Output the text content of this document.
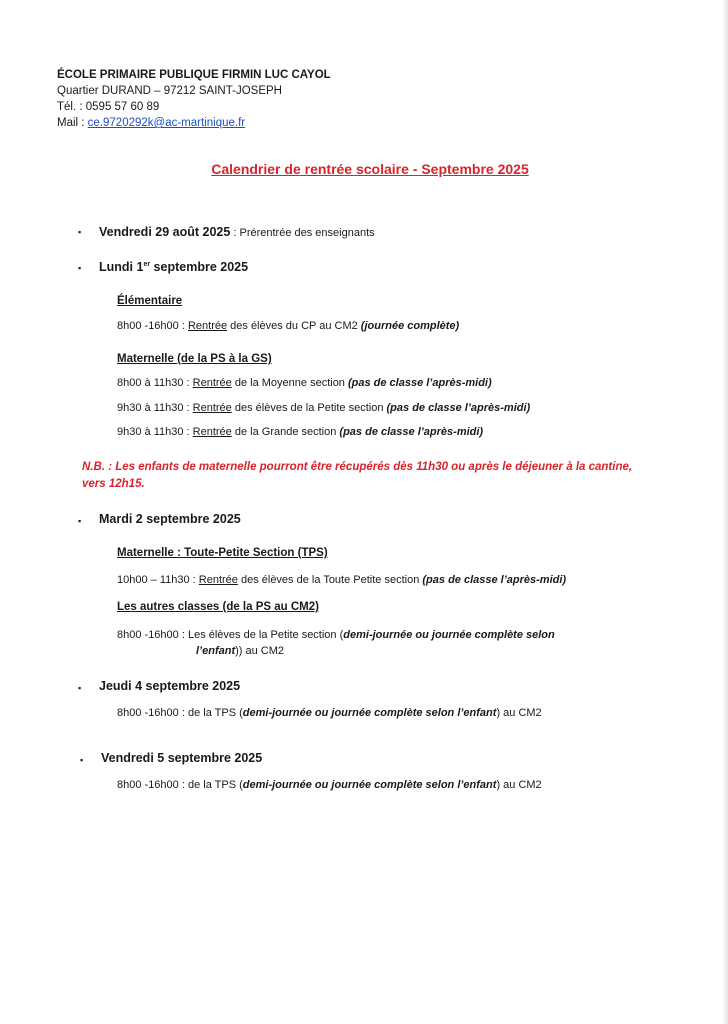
ÉCOLE PRIMAIRE PUBLIQUE FIRMIN LUC CAYOL
Quartier DURAND – 97212 SAINT-JOSEPH
Tél. : 0595 57 60 89
Mail : ce.9720292k@ac-martinique.fr
Calendrier de rentrée scolaire - Septembre 2025
▪ Vendredi 29 août 2025 : Prérentrée des enseignants
▪ Lundi 1er septembre 2025
Élémentaire
8h00 -16h00 : Rentrée des élèves du CP au CM2 (journée complète)
Maternelle (de la PS à la GS)
8h00 à 11h30 : Rentrée de la Moyenne section (pas de classe l’après-midi)
9h30 à 11h30 : Rentrée des élèves de la Petite section (pas de classe l’après-midi)
9h30 à 11h30 : Rentrée de la Grande section (pas de classe l’après-midi)
N.B. : Les enfants de maternelle pourront être récupérés dès 11h30 ou après le déjeuner à la cantine, vers 12h15.
▪ Mardi 2 septembre 2025
Maternelle : Toute-Petite Section (TPS)
10h00 – 11h30 : Rentrée des élèves de la Toute Petite section (pas de classe l’après-midi)
Les autres classes (de la PS au CM2)
8h00 -16h00 : Les élèves de la Petite section (demi-journée ou journée complète selon
l’enfant)) au CM2
▪ Jeudi 4 septembre 2025
8h00 -16h00 : de la TPS (demi-journée ou journée complète selon l’enfant) au CM2
▪ Vendredi 5 septembre 2025
8h00 -16h00 : de la TPS (demi-journée ou journée complète selon l’enfant) au CM2
